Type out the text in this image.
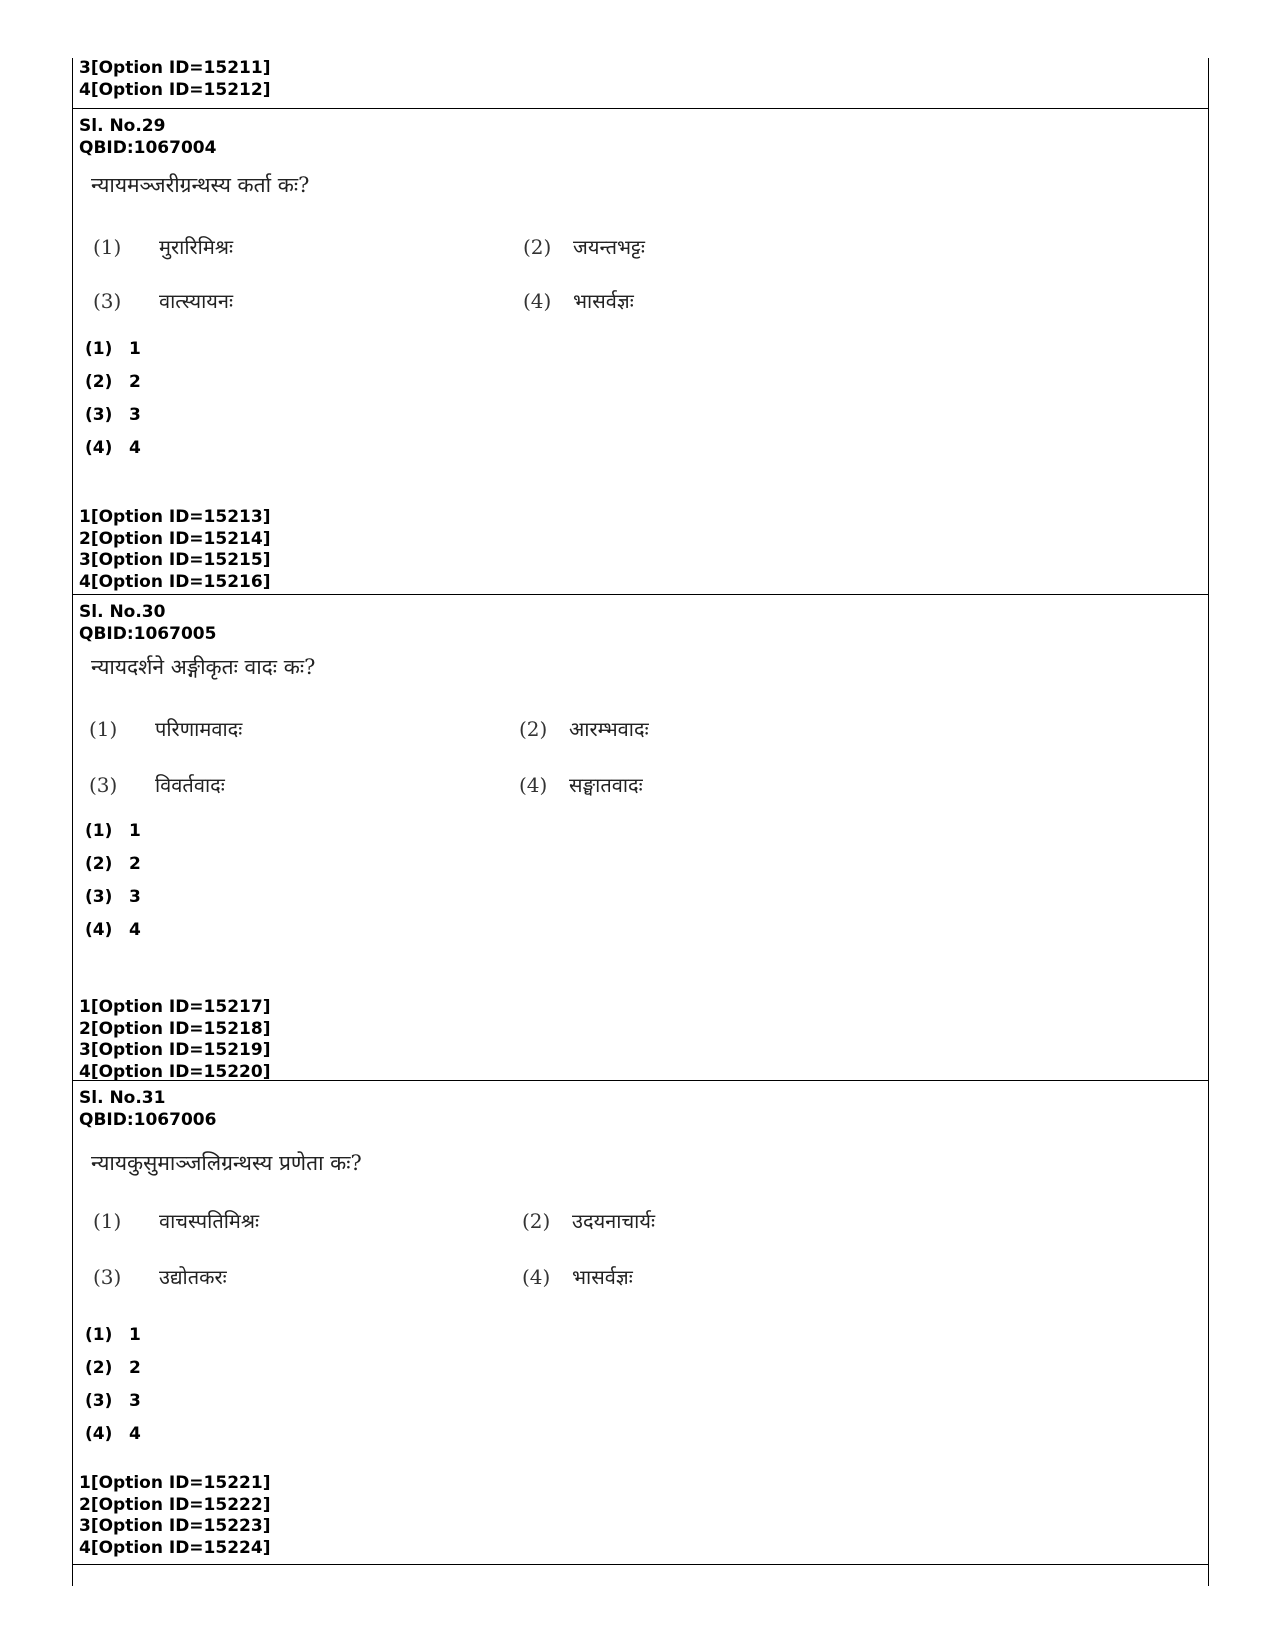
3[Option ID=15211]
4[Option ID=15212]
Sl. No.29
QBID:1067004
न्यायमञ्जरीग्रन्थस्य कर्ता कः?
(1) मुरारिमिश्रः	(2) जयन्तभट्टः
(3) वात्स्यायनः	(4) भासर्वज्ञः
(1) 1
(2) 2
(3) 3
(4) 4
1[Option ID=15213]
2[Option ID=15214]
3[Option ID=15215]
4[Option ID=15216]
Sl. No.30
QBID:1067005
न्यायदर्शने अङ्गीकृतः वादः कः?
(1) परिणामवादः	(2) आरम्भवादः
(3) विवर्तवादः	(4) सङ्घातवादः
(1) 1
(2) 2
(3) 3
(4) 4
1[Option ID=15217]
2[Option ID=15218]
3[Option ID=15219]
4[Option ID=15220]
Sl. No.31
QBID:1067006
न्यायकुसुमाञ्जलिग्रन्थस्य प्रणेता कः?
(1) वाचस्पतिमिश्रः	(2) उदयनाचार्यः
(3) उद्योतकरः	(4) भासर्वज्ञः
(1) 1
(2) 2
(3) 3
(4) 4
1[Option ID=15221]
2[Option ID=15222]
3[Option ID=15223]
4[Option ID=15224]
